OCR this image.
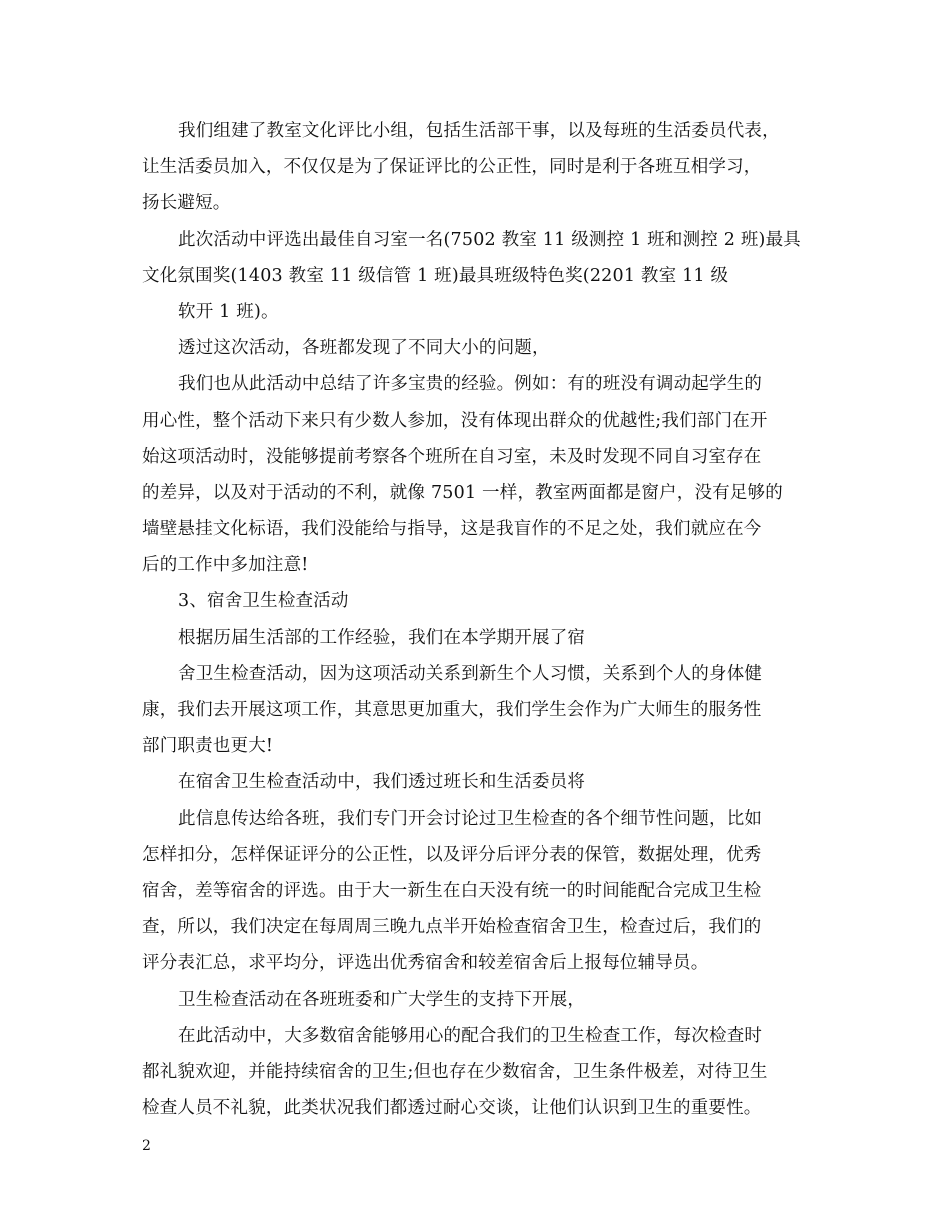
我们组建了教室文化评比小组，包括生活部干事，以及每班的生活委员代表，
让生活委员加入，不仅仅是为了保证评比的公正性，同时是利于各班互相学习，
扬长避短。
此次活动中评选出最佳自习室一名(7502 教室 11 级测控 1 班和测控 2 班)最具
文化氛围奖(1403 教室 11 级信管 1 班)最具班级特色奖(2201 教室 11 级
软开 1 班)。
透过这次活动，各班都发现了不同大小的问题，
我们也从此活动中总结了许多宝贵的经验。例如：有的班没有调动起学生的
用心性，整个活动下来只有少数人参加，没有体现出群众的优越性;我们部门在开
始这项活动时，没能够提前考察各个班所在自习室，未及时发现不同自习室存在
的差异，以及对于活动的不利，就像 7501 一样，教室两面都是窗户，没有足够的
墙壁悬挂文化标语，我们没能给与指导，这是我盲作的不足之处，我们就应在今
后的工作中多加注意!
3、宿舍卫生检查活动
根据历届生活部的工作经验，我们在本学期开展了宿
舍卫生检查活动，因为这项活动关系到新生个人习惯，关系到个人的身体健
康，我们去开展这项工作，其意思更加重大，我们学生会作为广大师生的服务性
部门职责也更大!
在宿舍卫生检查活动中，我们透过班长和生活委员将
此信息传达给各班，我们专门开会讨论过卫生检查的各个细节性问题，比如
怎样扣分，怎样保证评分的公正性，以及评分后评分表的保管，数据处理，优秀
宿舍，差等宿舍的评选。由于大一新生在白天没有统一的时间能配合完成卫生检
查，所以，我们决定在每周周三晚九点半开始检查宿舍卫生，检查过后，我们的
评分表汇总，求平均分，评选出优秀宿舍和较差宿舍后上报每位辅导员。
卫生检查活动在各班班委和广大学生的支持下开展，
在此活动中，大多数宿舍能够用心的配合我们的卫生检查工作，每次检查时
都礼貌欢迎，并能持续宿舍的卫生;但也存在少数宿舍，卫生条件极差，对待卫生
检查人员不礼貌，此类状况我们都透过耐心交谈，让他们认识到卫生的重要性。
2
